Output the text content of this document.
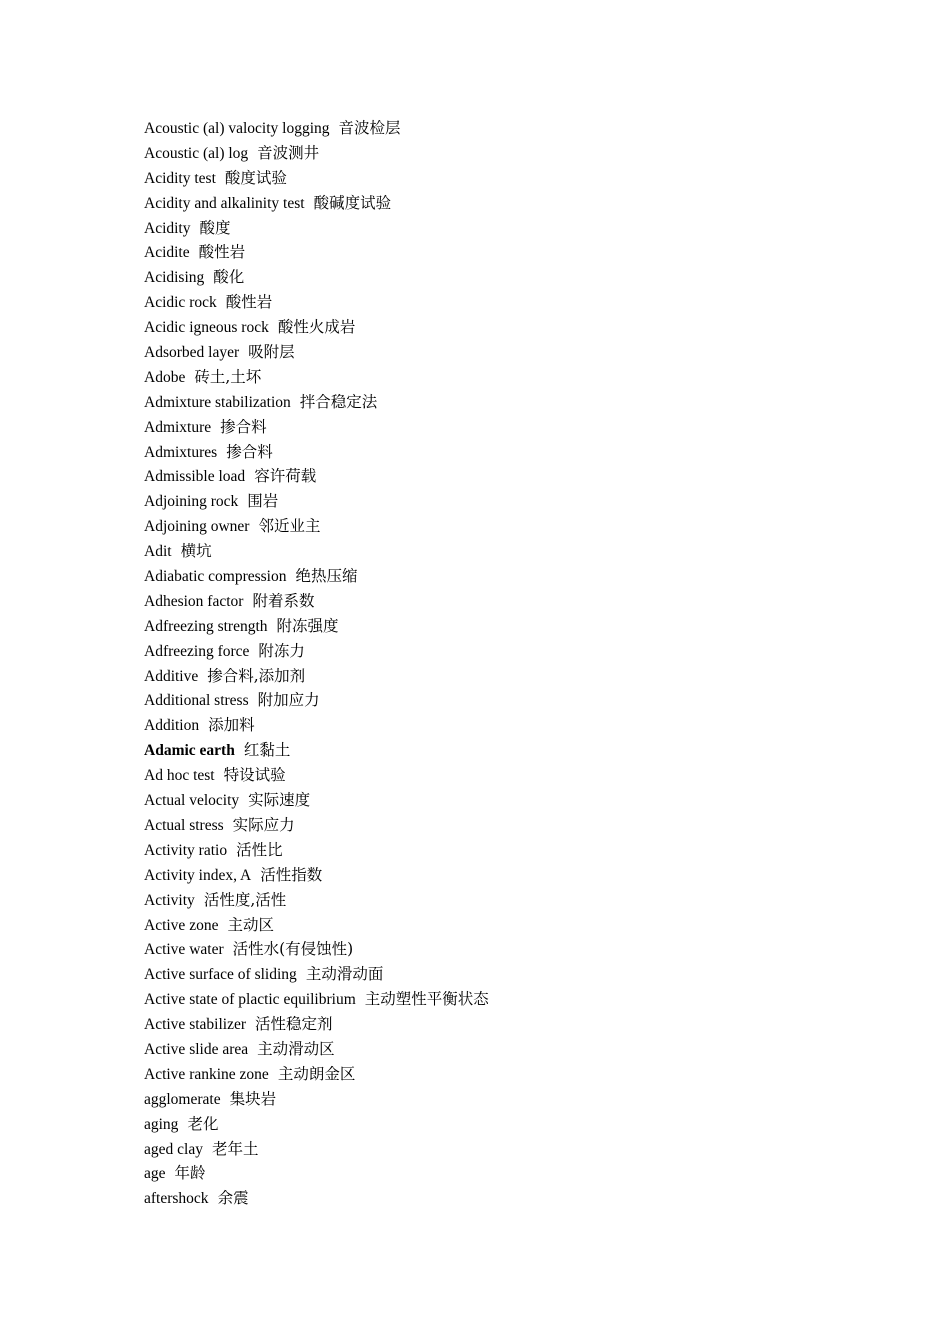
Acoustic (al) valocity logging 音波检层
Acoustic (al) log 音波测井
Acidity test 酸度试验
Acidity and alkalinity test 酸碱度试验
Acidity 酸度
Acidite 酸性岩
Acidising 酸化
Acidic rock 酸性岩
Acidic igneous rock 酸性火成岩
Adsorbed layer 吸附层
Adobe 砖土,土坏
Admixture stabilization 拌合稳定法
Admixture 掺合料
Admixtures 掺合料
Admissible load 容许荷载
Adjoining rock 围岩
Adjoining owner 邻近业主
Adit 横坑
Adiabatic compression 绝热压缩
Adhesion factor 附着系数
Adfreezing strength 附冻强度
Adfreezing force 附冻力
Additive 掺合料,添加剂
Additional stress 附加应力
Addition 添加料
Adamic earth 红黏土
Ad hoc test 特设试验
Actual velocity 实际速度
Actual stress 实际应力
Activity ratio 活性比
Activity index, A 活性指数
Activity 活性度,活性
Active zone 主动区
Active water 活性水(有侵蚀性)
Active surface of sliding 主动滑动面
Active state of plactic equilibrium 主动塑性平衡状态
Active stabilizer 活性稳定剂
Active slide area 主动滑动区
Active rankine zone 主动朗金区
agglomerate 集块岩
aging 老化
aged clay 老年土
age 年龄
aftershock 余震
